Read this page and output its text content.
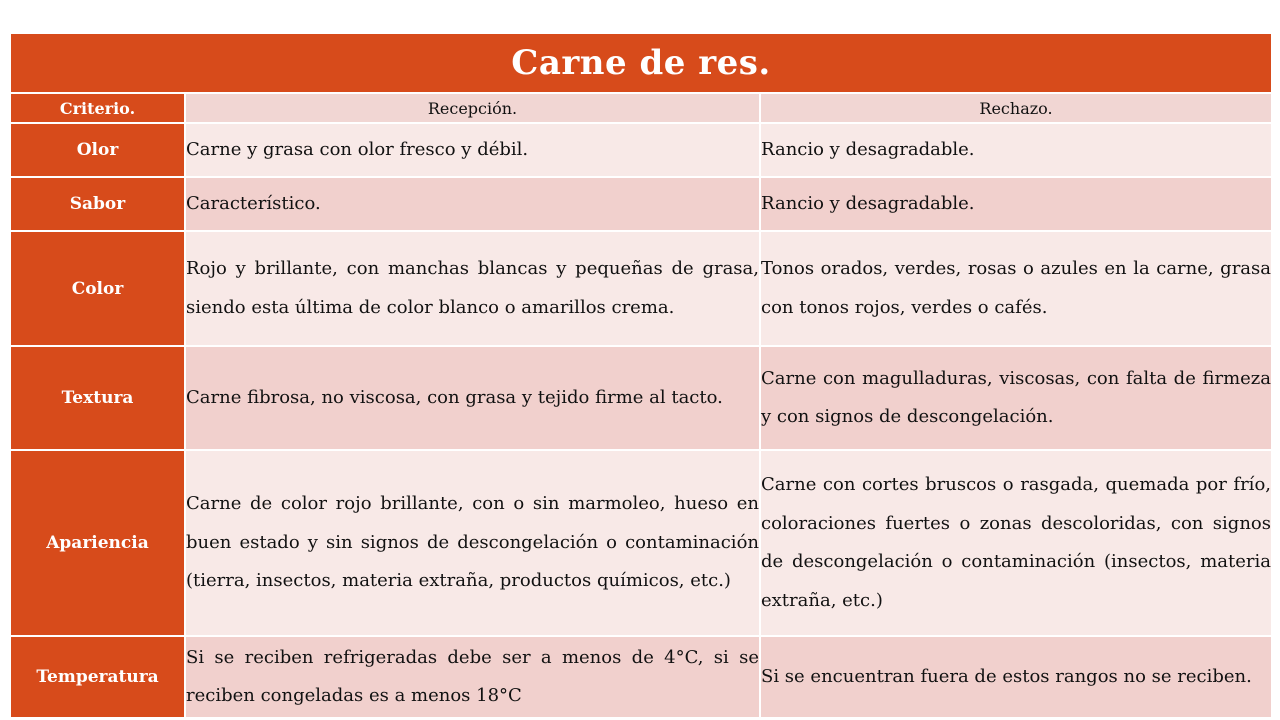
Carne de res.		
Criterio.	Recepción.	Rechazo.
Olor	Carne y grasa con olor fresco y débil.	Rancio y desagradable.
Sabor	Característico.	Rancio y desagradable.
Color	Rojo y brillante, con manchas blancas y pequeñas de grasa, siendo esta última de color blanco o amarillos crema.	Tonos orados, verdes, rosas o azules en la carne, grasa con tonos rojos, verdes o cafés.
Textura	Carne fibrosa, no viscosa, con grasa y tejido firme al tacto.	Carne con magulladuras, viscosas, con falta de firmeza y con signos de descongelación.
Apariencia	Carne de color rojo brillante, con o sin marmoleo, hueso en buen estado y sin signos de descongelación o contaminación (tierra, insectos, materia extraña, productos químicos, etc.)	Carne con cortes bruscos o rasgada, quemada por frío, coloraciones fuertes o zonas descoloridas, con signos de descongelación o contaminación (insectos, materia extraña, etc.)
Temperatura	Si se reciben refrigeradas debe ser a menos de 4°C, si se reciben congeladas es a menos 18°C	Si se encuentran fuera de estos rangos no se reciben.
